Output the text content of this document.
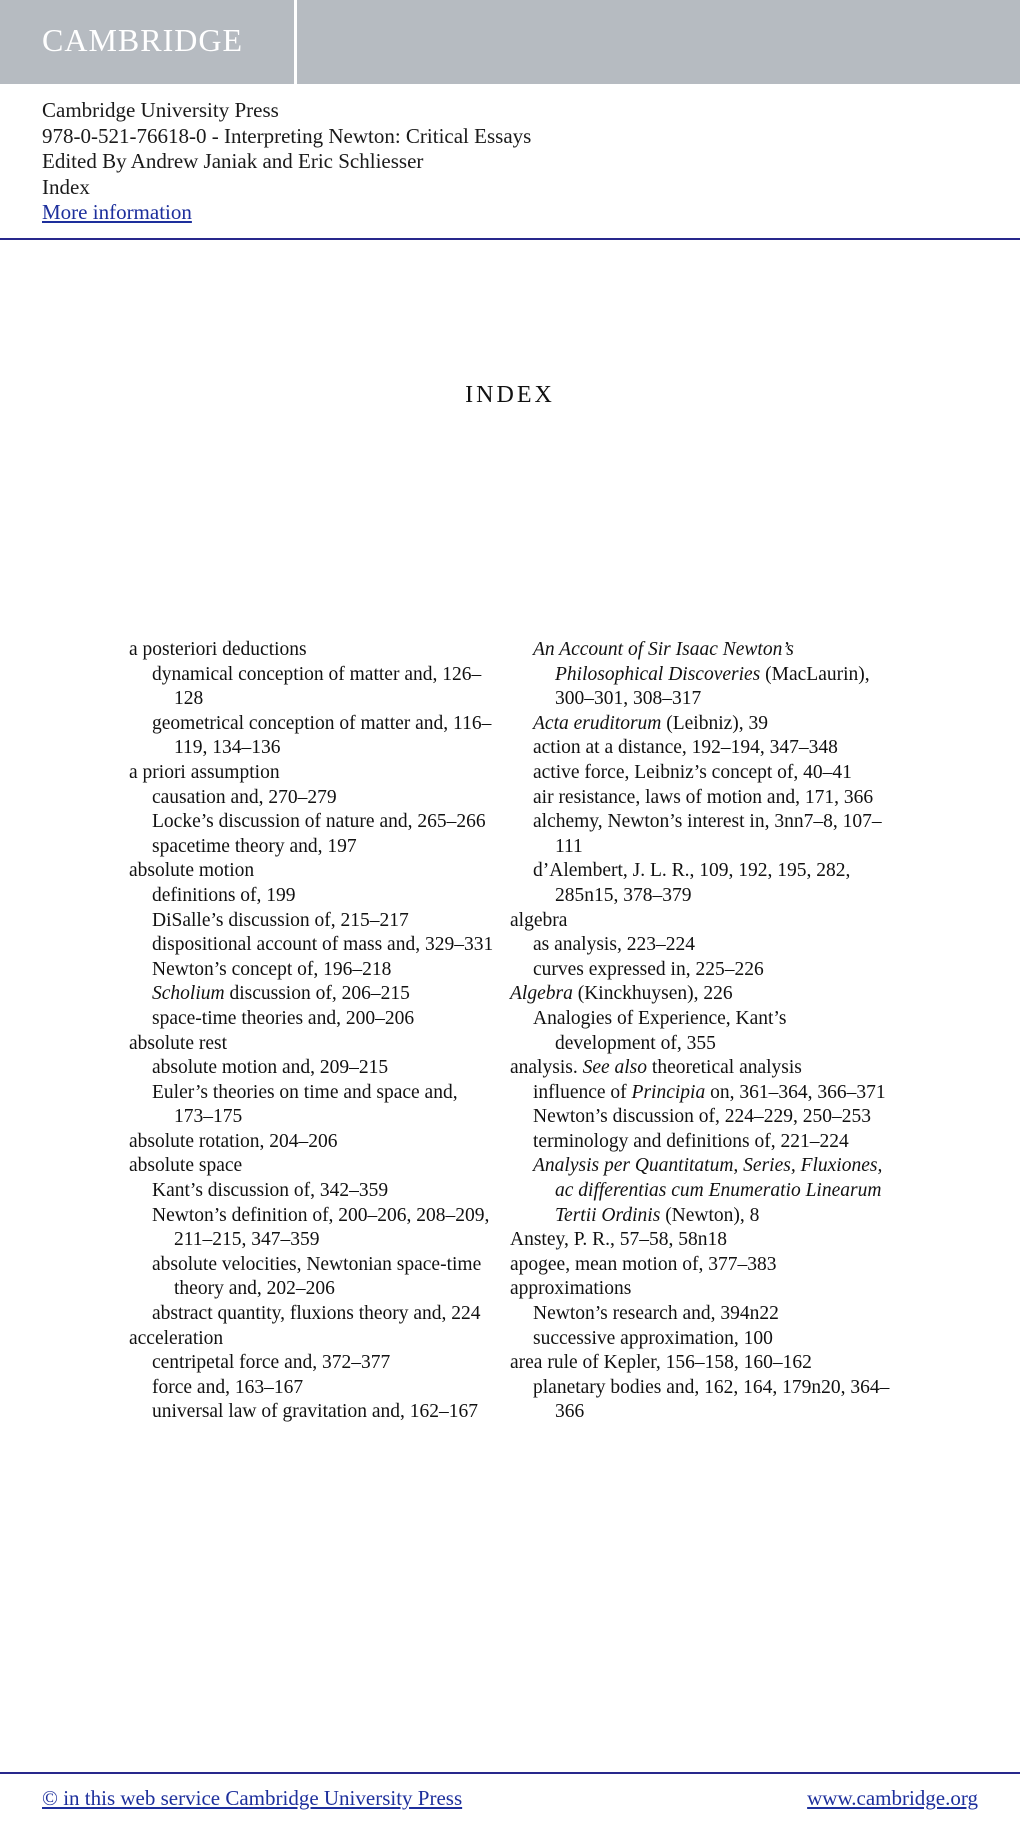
CAMBRIDGE
Cambridge University Press
978-0-521-76618-0 - Interpreting Newton: Critical Essays
Edited By Andrew Janiak and Eric Schliesser
Index
More information
INDEX

a posteriori deductions

dynamical conception of matter and, 126–128

geometrical conception of matter and, 116–119, 134–136

a priori assumption

causation and, 270–279

Locke’s discussion of nature and, 265–266

spacetime theory and, 197

absolute motion

definitions of, 199

DiSalle’s discussion of, 215–217

dispositional account of mass and, 329–331

Newton’s concept of, 196–218

Scholium discussion of, 206–215

space-time theories and, 200–206

absolute rest

absolute motion and, 209–215

Euler’s theories on time and space and, 173–175

absolute rotation, 204–206

absolute space

Kant’s discussion of, 342–359

Newton’s definition of, 200–206, 208–209, 211–215, 347–359

absolute velocities, Newtonian space-time theory and, 202–206

abstract quantity, fluxions theory and, 224

acceleration

centripetal force and, 372–377

force and, 163–167

universal law of gravitation and, 162–167

An Account of Sir Isaac Newton’s Philosophical Discoveries (MacLaurin), 300–301, 308–317

Acta eruditorum (Leibniz), 39

action at a distance, 192–194, 347–348

active force, Leibniz’s concept of, 40–41

air resistance, laws of motion and, 171, 366

alchemy, Newton’s interest in, 3nn7–8, 107–111

d’Alembert, J. L. R., 109, 192, 195, 282, 285n15, 378–379

algebra

as analysis, 223–224

curves expressed in, 225–226

Algebra (Kinckhuysen), 226

Analogies of Experience, Kant’s development of, 355

analysis. See also theoretical analysis

influence of Principia on, 361–364, 366–371

Newton’s discussion of, 224–229, 250–253

terminology and definitions of, 221–224

Analysis per Quantitatum, Series, Fluxiones, ac differentias cum Enumeratio Linearum Tertii Ordinis (Newton), 8

Anstey, P. R., 57–58, 58n18

apogee, mean motion of, 377–383

approximations

Newton’s research and, 394n22

successive approximation, 100

area rule of Kepler, 156–158, 160–162

planetary bodies and, 162, 164, 179n20, 364–366

© in this web service Cambridge University Press	www.cambridge.org
